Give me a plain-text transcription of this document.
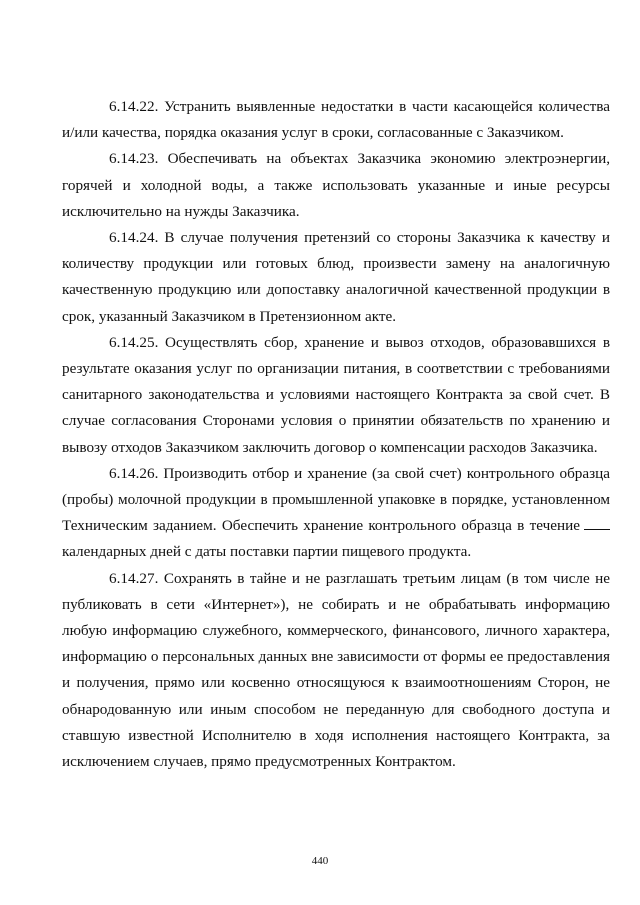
6.14.22. Устранить выявленные недостатки в части касающейся количества и/или качества, порядка оказания услуг в сроки, согласованные с Заказчиком.

6.14.23. Обеспечивать на объектах Заказчика экономию электроэнергии, горячей и холодной воды, а также использовать указанные и иные ресурсы исключительно на нужды Заказчика.

6.14.24. В случае получения претензий со стороны Заказчика к качеству и количеству продукции или готовых блюд, произвести замену на аналогичную качественную продукцию или допоставку аналогичной качественной продукции в срок, указанный Заказчиком в Претензионном акте.

6.14.25. Осуществлять сбор, хранение и вывоз отходов, образовавшихся в результате оказания услуг по организации питания, в соответствии с требованиями санитарного законодательства и условиями настоящего Контракта за свой счет. В случае согласования Сторонами условия о принятии обязательств по хранению и вывозу отходов Заказчиком заключить договор о компенсации расходов Заказчика.

6.14.26. Производить отбор и хранение (за свой счет) контрольного образца (пробы) молочной продукции в промышленной упаковке в порядке, установленном Техническим заданием. Обеспечить хранение контрольного образца в течение календарных дней с даты поставки партии пищевого продукта.

6.14.27. Сохранять в тайне и не разглашать третьим лицам (в том числе не публиковать в сети «Интернет»), не собирать и не обрабатывать информацию любую информацию служебного, коммерческого, финансового, личного характера, информацию о персональных данных вне зависимости от формы ее предоставления и получения, прямо или косвенно относящуюся к взаимоотношениям Сторон, не обнародованную или иным способом не переданную для свободного доступа и ставшую известной Исполнителю в ходя исполнения настоящего Контракта, за исключением случаев, прямо предусмотренных Контрактом.

440
